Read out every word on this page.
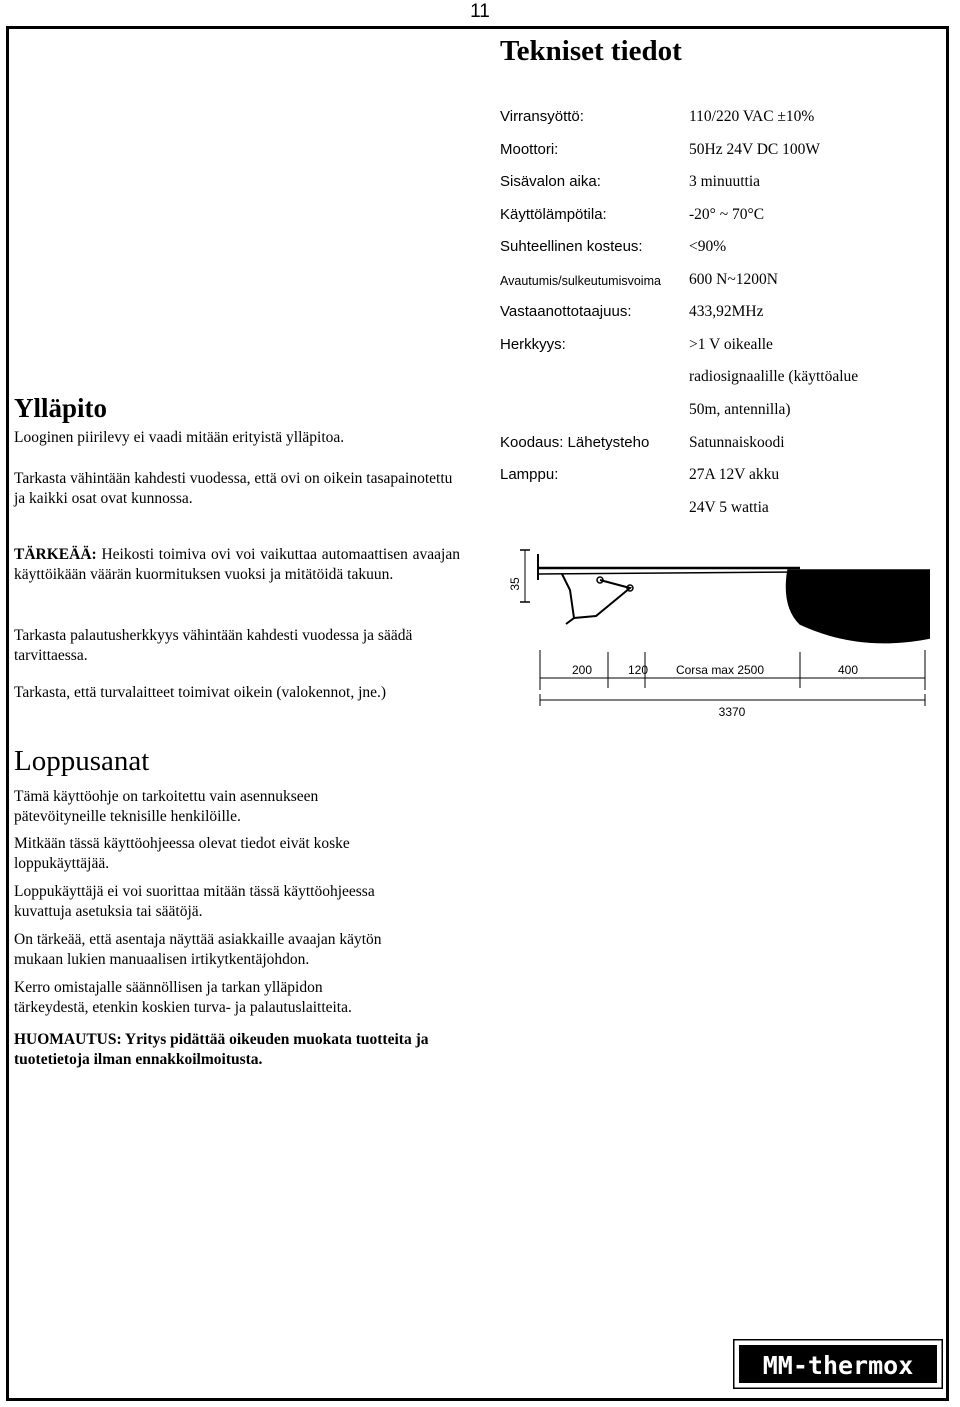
11
Tekniset tiedot
Virransyöttö:	110/220 VAC ±10%
Moottori:	50Hz 24V DC 100W
Sisävalon aika:	3 minuuttia
Käyttölämpötila:	-20° ~ 70°C
Suhteellinen kosteus:	<90%
Avautumis/sulkeutumisvoima 600 N~1200N
Vastaanottotaajuus:	433,92MHz
Herkkyys:	>1 V oikealle
radiosignaalille (käyttöalue
50m, antennilla)
Koodaus: Lähetysteho	Satunnaiskoodi
Lamppu:	27A 12V akku
24V 5 wattia
Ylläpito
Looginen piirilevy ei vaadi mitään erityistä ylläpitoa.
Tarkasta vähintään kahdesti vuodessa, että ovi on oikein tasapainotettu ja kaikki osat ovat kunnossa.
TÄRKEÄÄ: Heikosti toimiva ovi voi vaikuttaa automaattisen avaajan käyttöikään väärän kuormituksen vuoksi ja mitätöidä takuun.
Tarkasta palautusherkkyys vähintään kahdesti vuodessa ja säädä tarvittaessa.
Tarkasta, että turvalaitteet toimivat oikein (valokennot, jne.)
35
200	120 Corsa max 2500	400
3370
Loppusanat
Tämä käyttöohje on tarkoitettu vain asennukseen pätevöityneille teknisille henkilöille.
Mitkään tässä käyttöohjeessa olevat tiedot eivät koske loppukäyttäjää.
Loppukäyttäjä ei voi suorittaa mitään tässä käyttöohjeessa kuvattuja asetuksia tai säätöjä.
On tärkeää, että asentaja näyttää asiakkaille avaajan käytön mukaan lukien manuaalisen irtikytkentäjohdon.
Kerro omistajalle säännöllisen ja tarkan ylläpidon tärkeydestä, etenkin koskien turva- ja palautuslaitteita.
HUOMAUTUS: Yritys pidättää oikeuden muokata tuotteita ja tuotetietoja ilman ennakkoilmoitusta.
MM-thermox
